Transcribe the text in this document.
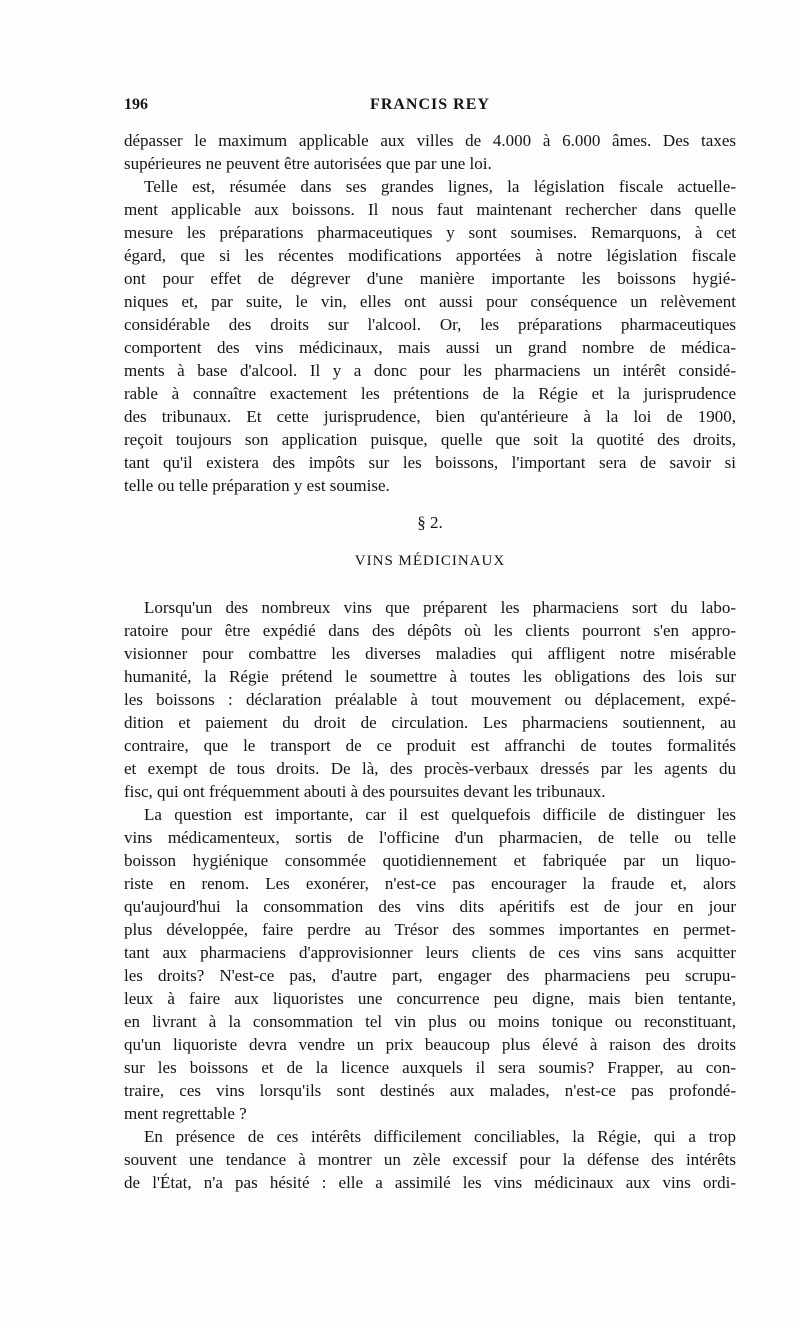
196	FRANCIS REY
dépasser le maximum applicable aux villes de 4.000 à 6.000 âmes. Des taxes
supérieures ne peuvent être autorisées que par une loi.
Telle est, résumée dans ses grandes lignes, la législation fiscale actuelle-
ment applicable aux boissons. Il nous faut maintenant rechercher dans quelle
mesure les préparations pharmaceutiques y sont soumises. Remarquons, à cet
égard, que si les récentes modifications apportées à notre législation fiscale
ont pour effet de dégrever d'une manière importante les boissons hygié-
niques et, par suite, le vin, elles ont aussi pour conséquence un relèvement
considérable des droits sur l'alcool. Or, les préparations pharmaceutiques
comportent des vins médicinaux, mais aussi un grand nombre de médica-
ments à base d'alcool. Il y a donc pour les pharmaciens un intérêt considé-
rable à connaître exactement les prétentions de la Régie et la jurisprudence
des tribunaux. Et cette jurisprudence, bien qu'antérieure à la loi de 1900,
reçoit toujours son application puisque, quelle que soit la quotité des droits,
tant qu'il existera des impôts sur les boissons, l'important sera de savoir si
telle ou telle préparation y est soumise.
§ 2.
VINS MÉDICINAUX
Lorsqu'un des nombreux vins que préparent les pharmaciens sort du labo-
ratoire pour être expédié dans des dépôts où les clients pourront s'en appro-
visionner pour combattre les diverses maladies qui affligent notre misérable
humanité, la Régie prétend le soumettre à toutes les obligations des lois sur
les boissons : déclaration préalable à tout mouvement ou déplacement, expé-
dition et paiement du droit de circulation. Les pharmaciens soutiennent, au
contraire, que le transport de ce produit est affranchi de toutes formalités
et exempt de tous droits. De là, des procès-verbaux dressés par les agents du
fisc, qui ont fréquemment abouti à des poursuites devant les tribunaux.
La question est importante, car il est quelquefois difficile de distinguer les
vins médicamenteux, sortis de l'officine d'un pharmacien, de telle ou telle
boisson hygiénique consommée quotidiennement et fabriquée par un liquo-
riste en renom. Les exonérer, n'est-ce pas encourager la fraude et, alors
qu'aujourd'hui la consommation des vins dits apéritifs est de jour en jour
plus développée, faire perdre au Trésor des sommes importantes en permet-
tant aux pharmaciens d'approvisionner leurs clients de ces vins sans acquitter
les droits? N'est-ce pas, d'autre part, engager des pharmaciens peu scrupu-
leux à faire aux liquoristes une concurrence peu digne, mais bien tentante,
en livrant à la consommation tel vin plus ou moins tonique ou reconstituant,
qu'un liquoriste devra vendre un prix beaucoup plus élevé à raison des droits
sur les boissons et de la licence auxquels il sera soumis? Frapper, au con-
traire, ces vins lorsqu'ils sont destinés aux malades, n'est-ce pas profondé-
ment regrettable ?
En présence de ces intérêts difficilement conciliables, la Régie, qui a trop
souvent une tendance à montrer un zèle excessif pour la défense des intérêts
de l'État, n'a pas hésité : elle a assimilé les vins médicinaux aux vins ordi-
